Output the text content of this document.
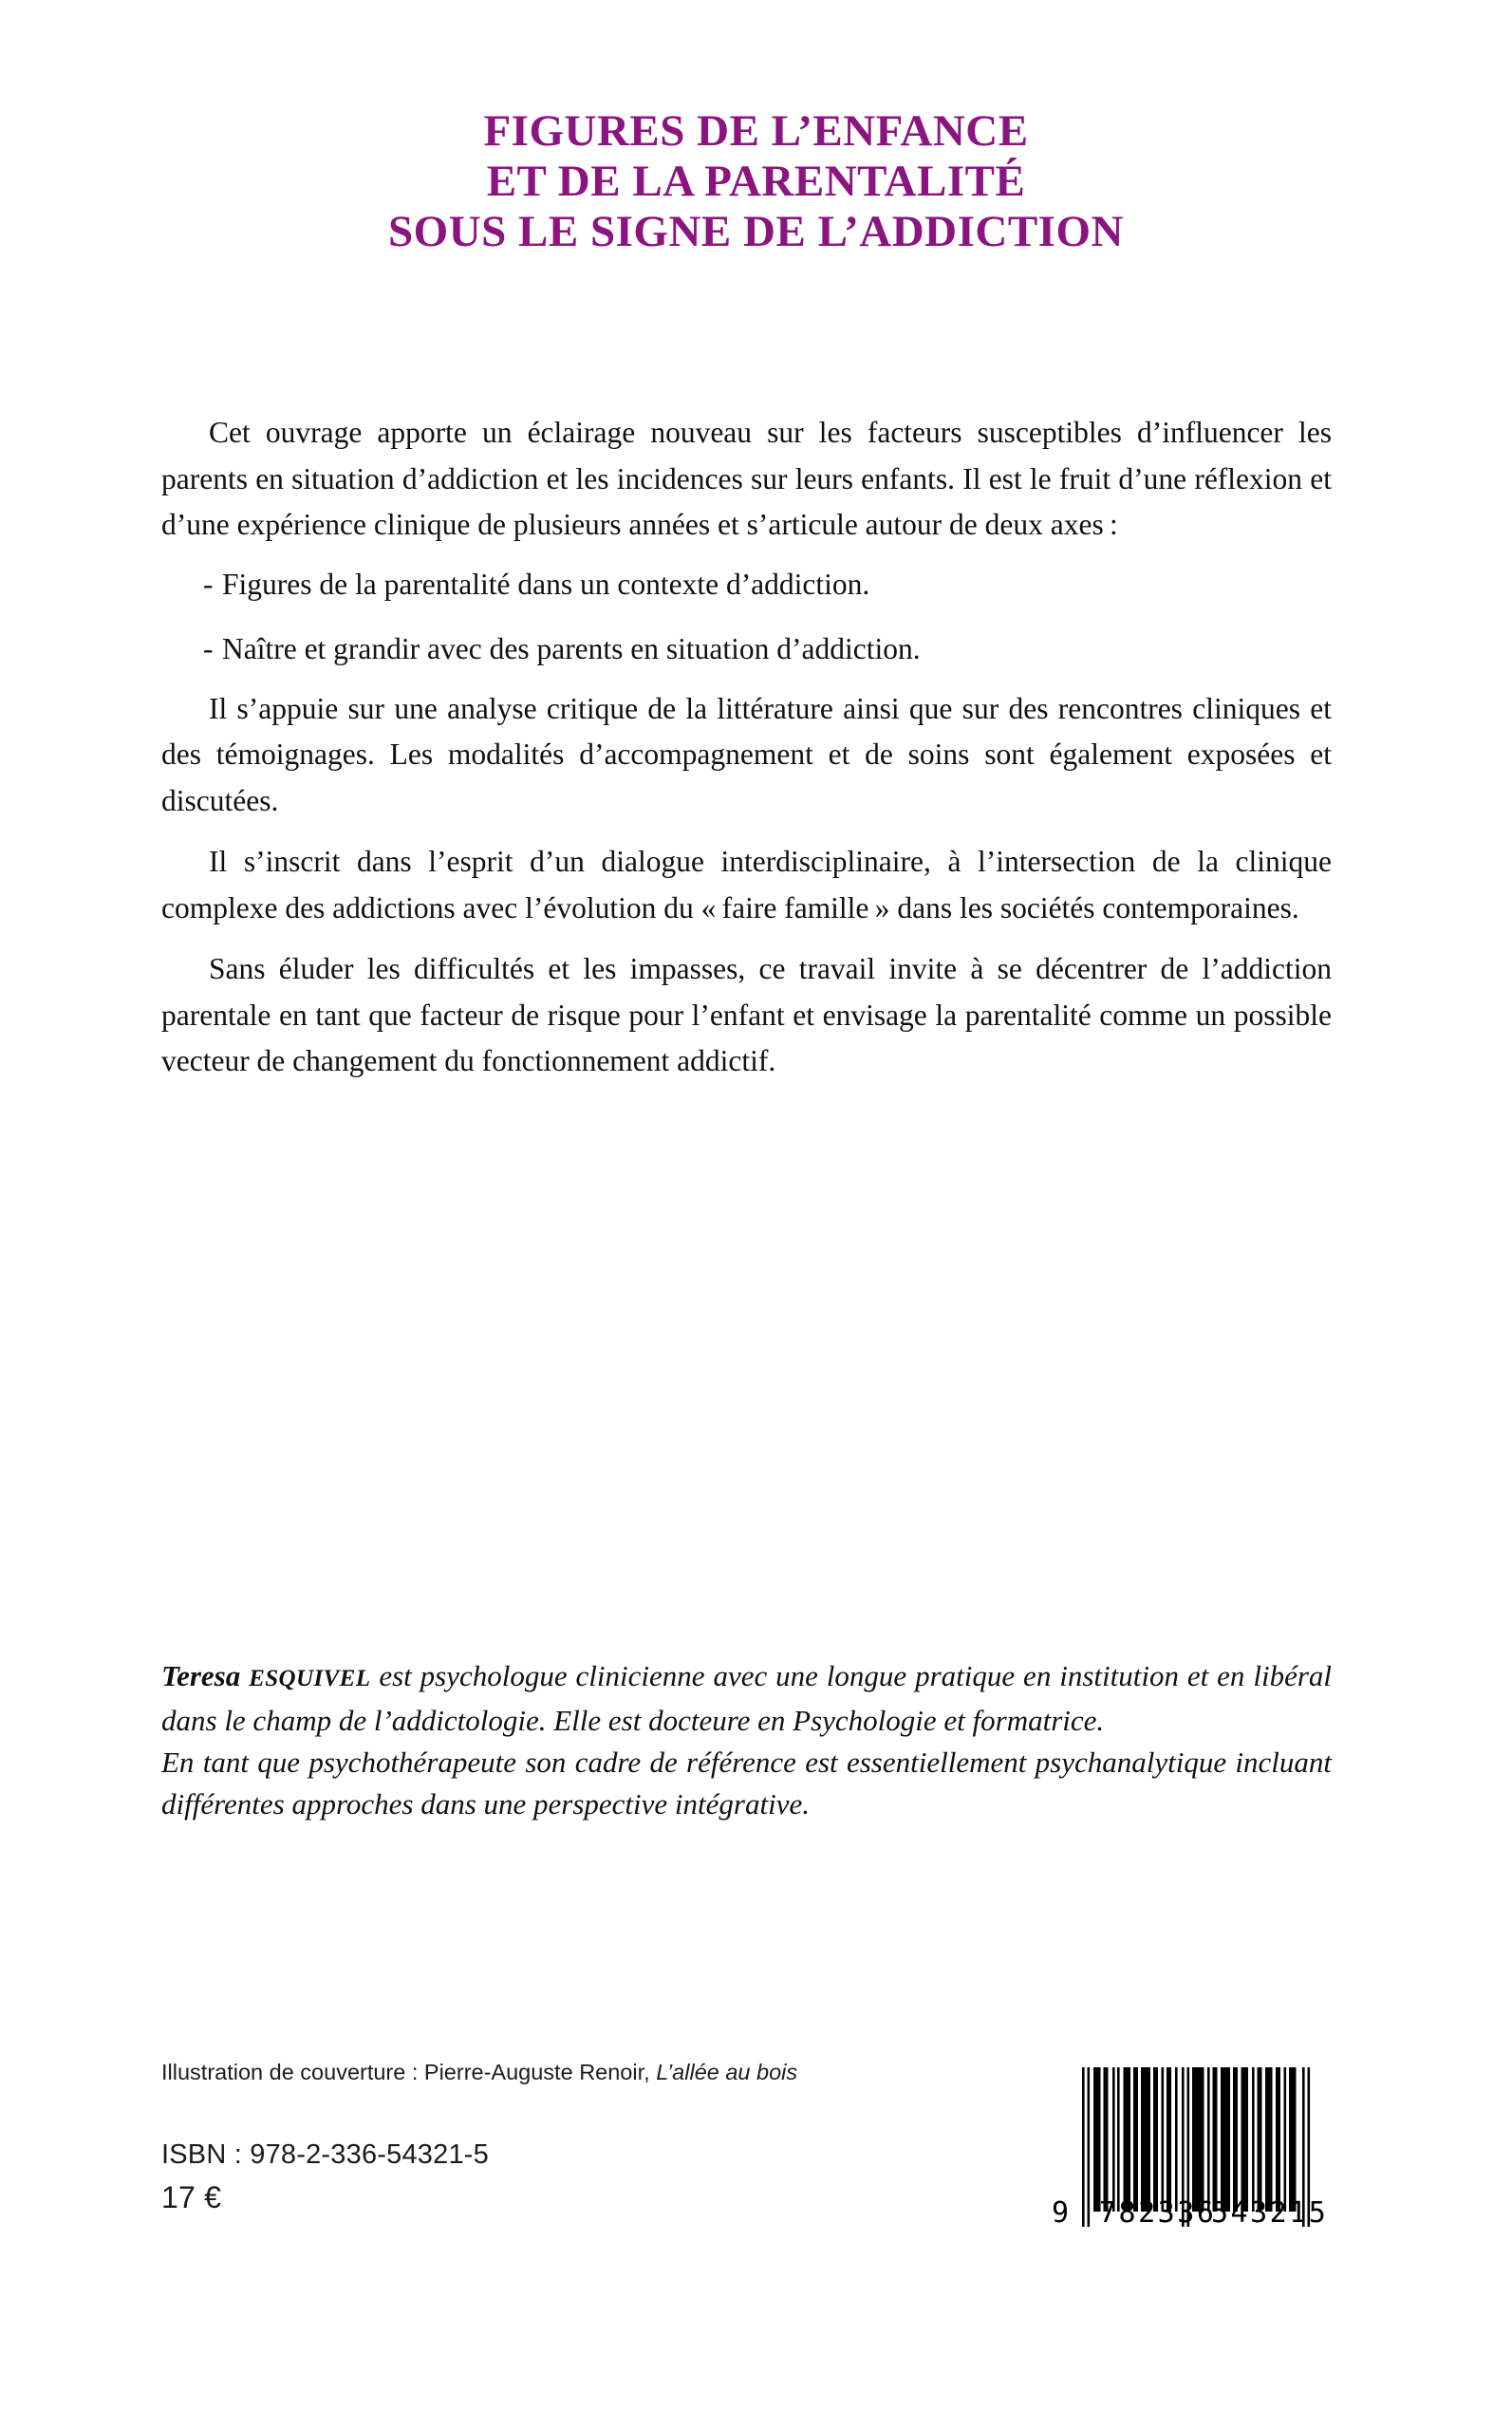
FIGURES DE L’ENFANCE
ET DE LA PARENTALITÉ
SOUS LE SIGNE DE L’ADDICTION

Cet ouvrage apporte un éclairage nouveau sur les facteurs susceptibles d’influencer les parents en situation d’addiction et les incidences sur leurs enfants. Il est le fruit d’une réflexion et d’une expérience clinique de plusieurs années et s’articule autour de deux axes :

- Figures de la parentalité dans un contexte d’addiction.
- Naître et grandir avec des parents en situation d’addiction.

Il s’appuie sur une analyse critique de la littérature ainsi que sur des rencontres cliniques et des témoignages. Les modalités d’accompagnement et de soins sont également exposées et discutées.

Il s’inscrit dans l’esprit d’un dialogue interdisciplinaire, à l’intersection de la clinique complexe des addictions avec l’évolution du « faire famille » dans les sociétés contemporaines.

Sans éluder les difficultés et les impasses, ce travail invite à se décentrer de l’addiction parentale en tant que facteur de risque pour l’enfant et envisage la parentalité comme un possible vecteur de changement du fonctionnement addictif.

Teresa ESQUIVEL est psychologue clinicienne avec une longue pratique en institution et en libéral dans le champ de l’addictologie. Elle est docteure en Psychologie et formatrice.

En tant que psychothérapeute son cadre de référence est essentiellement psychanalytique incluant différentes approches dans une perspective intégrative.

Illustration de couverture : Pierre-Auguste Renoir, L’allée au bois
ISBN : 978-2-336-54321-5
17 €	9 782336
543215
